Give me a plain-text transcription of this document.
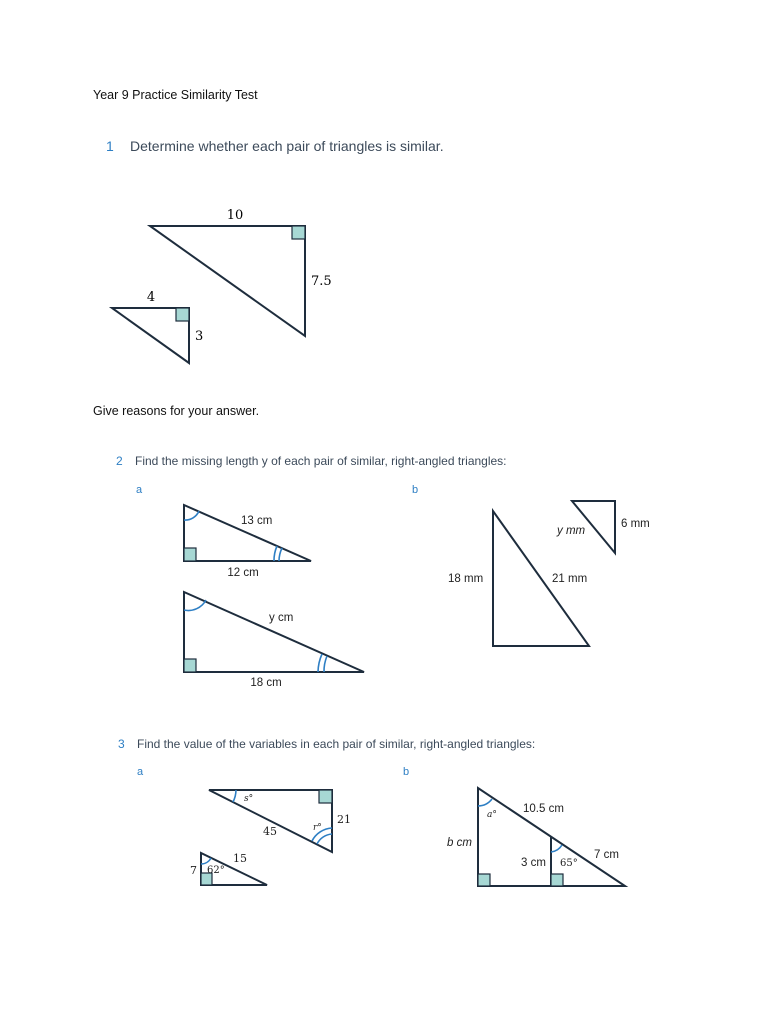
Year 9 Practice Similarity Test
1 Determine whether each pair of triangles is similar.
10
7.5
4
3
Give reasons for your answer.
2 Find the missing length y of each pair of similar, right-angled triangles:
a	b
13 cm
12 cm
y cm
18 cm
18 mm	21 mm
y mm
6 mm
3 Find the value of the variables in each pair of similar, right-angled triangles:
a	b
s°
r°
21
45
15
7 62°
a° 10.5 cm
b cm
3 cm 65°
7 cm
